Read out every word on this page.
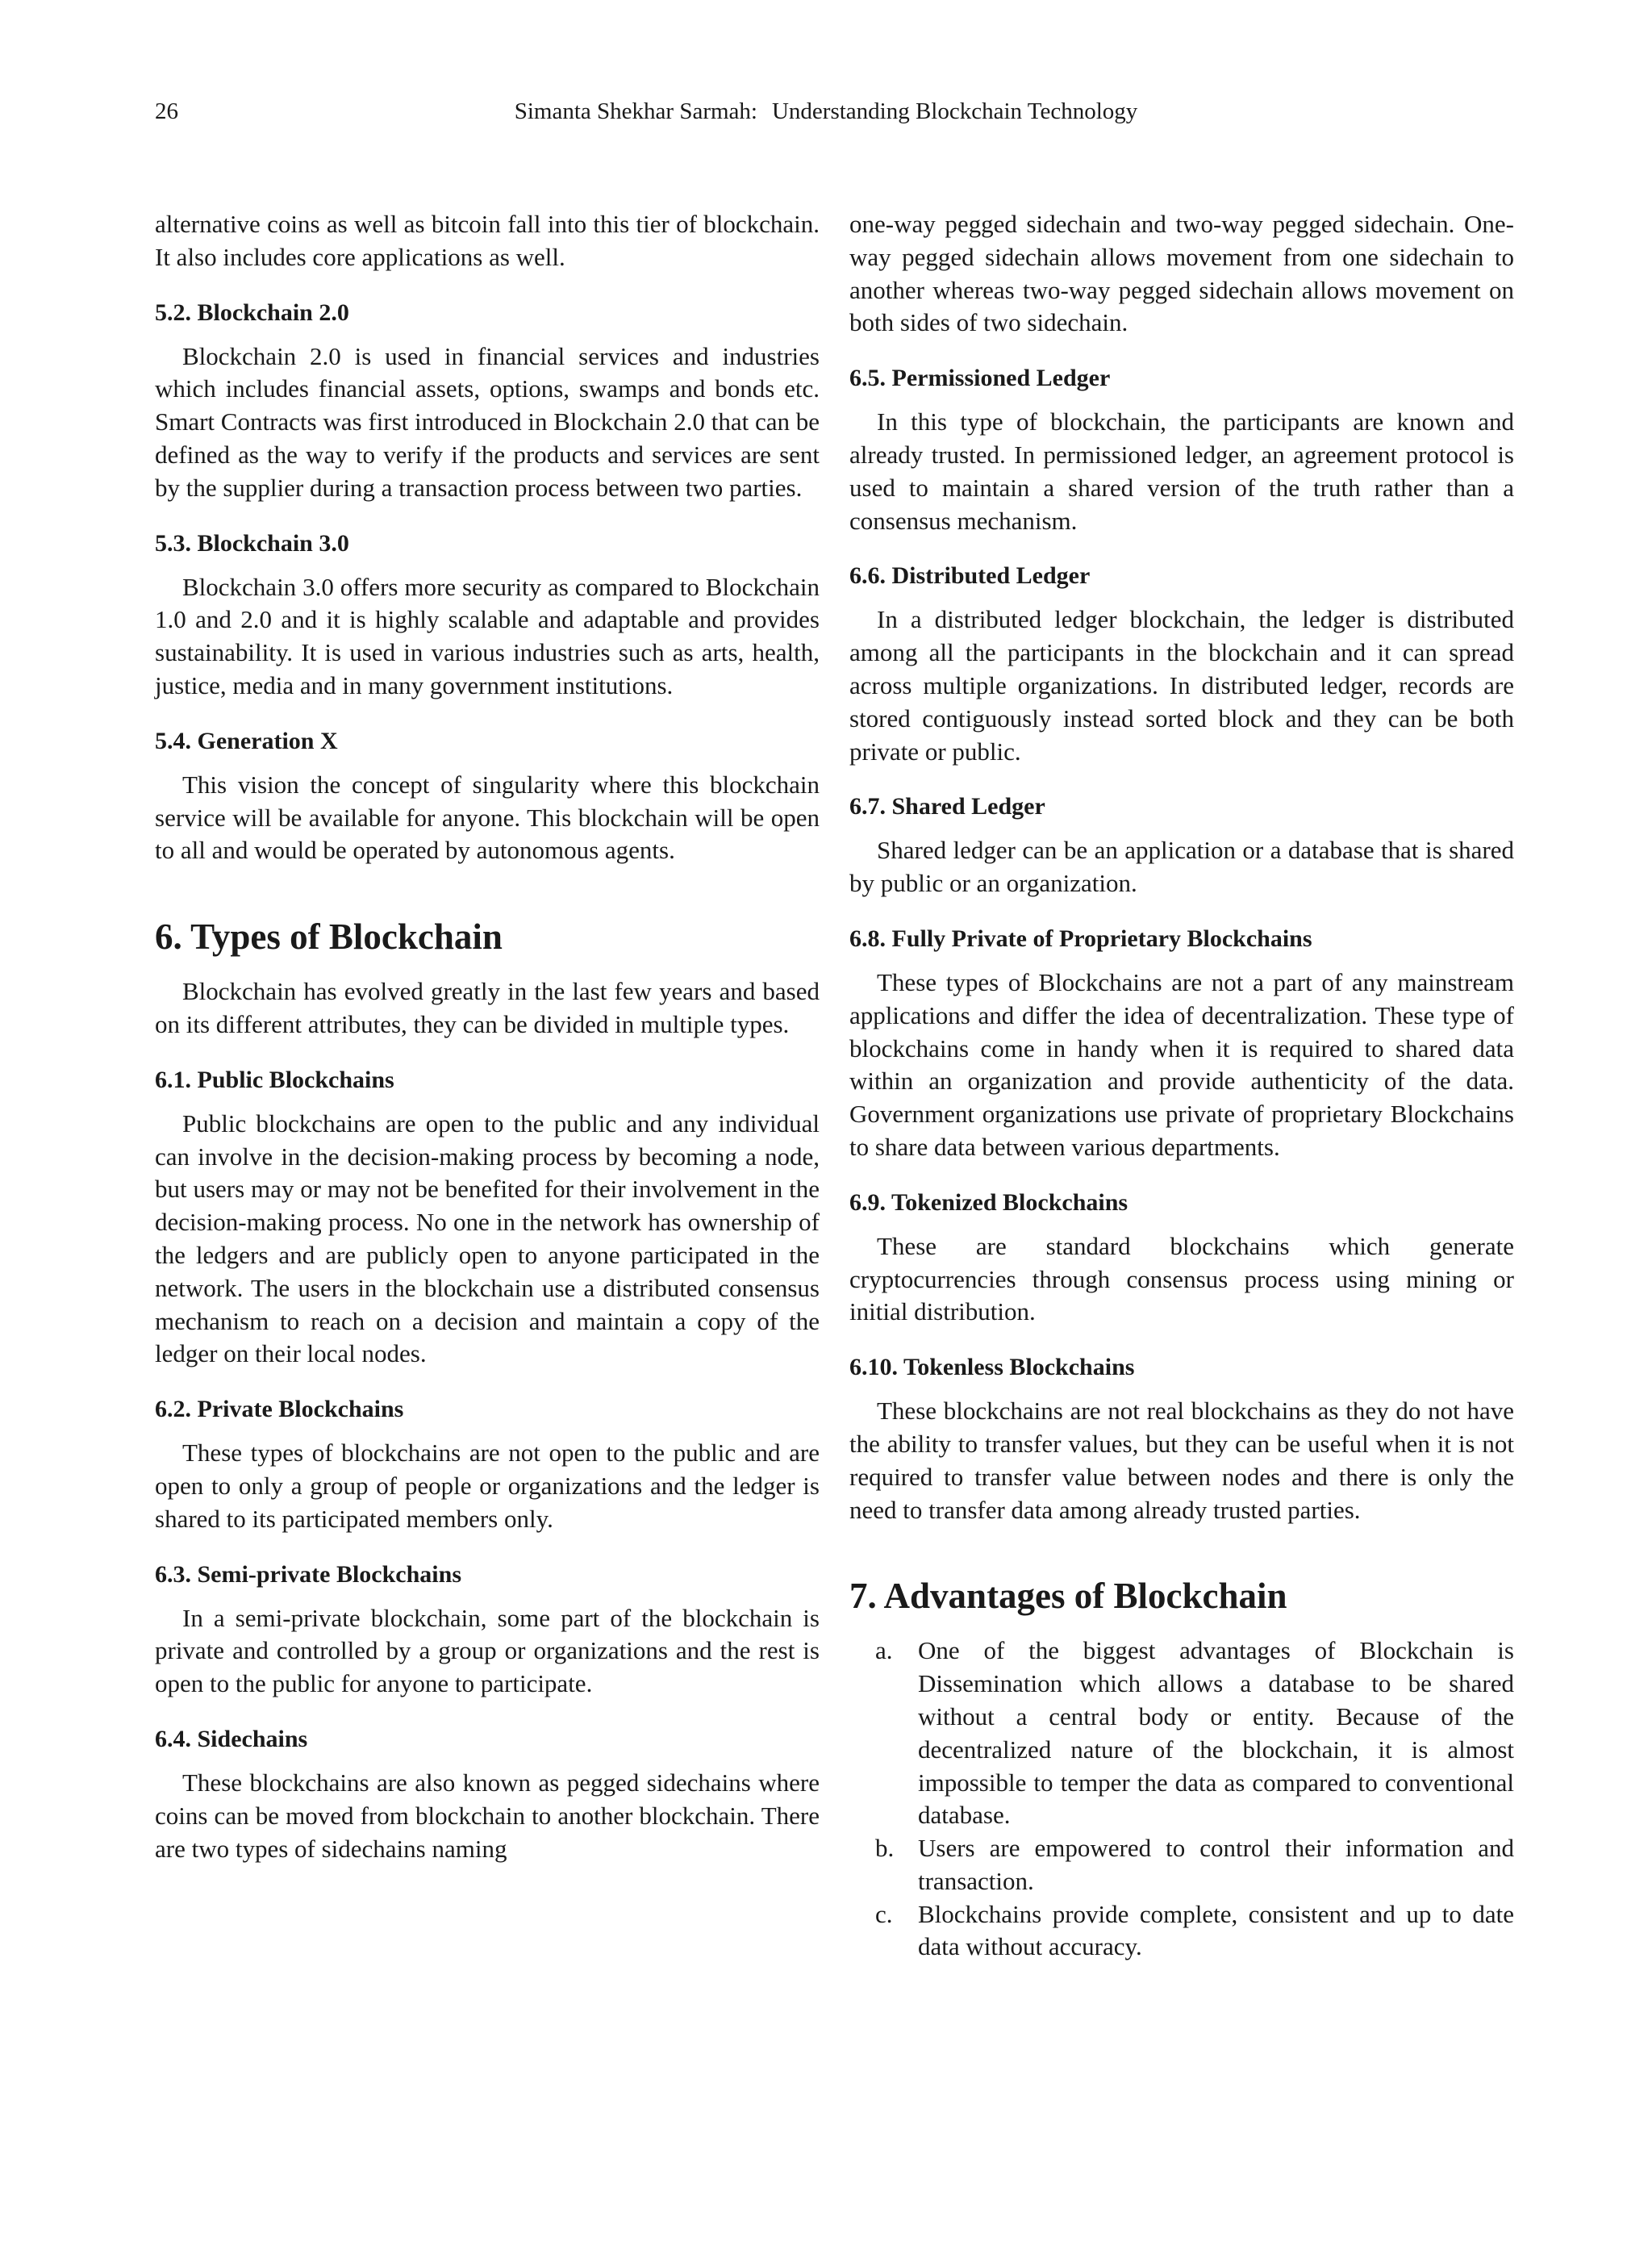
26	Simanta Shekhar Sarmah: Understanding Blockchain Technology

alternative coins as well as bitcoin fall into this tier of blockchain. It also includes core applications as well.

5.2. Blockchain 2.0

Blockchain 2.0 is used in financial services and industries which includes financial assets, options, swamps and bonds etc. Smart Contracts was first introduced in Blockchain 2.0 that can be defined as the way to verify if the products and services are sent by the supplier during a transaction process between two parties.

5.3. Blockchain 3.0

Blockchain 3.0 offers more security as compared to Blockchain 1.0 and 2.0 and it is highly scalable and adaptable and provides sustainability. It is used in various industries such as arts, health, justice, media and in many government institutions.

5.4. Generation X

This vision the concept of singularity where this blockchain service will be available for anyone. This blockchain will be open to all and would be operated by autonomous agents.

6. Types of Blockchain

Blockchain has evolved greatly in the last few years and based on its different attributes, they can be divided in multiple types.

6.1. Public Blockchains

Public blockchains are open to the public and any individual can involve in the decision-making process by becoming a node, but users may or may not be benefited for their involvement in the decision-making process. No one in the network has ownership of the ledgers and are publicly open to anyone participated in the network. The users in the blockchain use a distributed consensus mechanism to reach on a decision and maintain a copy of the ledger on their local nodes.

6.2. Private Blockchains

These types of blockchains are not open to the public and are open to only a group of people or organizations and the ledger is shared to its participated members only.

6.3. Semi-private Blockchains

In a semi-private blockchain, some part of the blockchain is private and controlled by a group or organizations and the rest is open to the public for anyone to participate.

6.4. Sidechains

These blockchains are also known as pegged sidechains where coins can be moved from blockchain to another blockchain. There are two types of sidechains naming

one-way pegged sidechain and two-way pegged sidechain. One-way pegged sidechain allows movement from one sidechain to another whereas two-way pegged sidechain allows movement on both sides of two sidechain.

6.5. Permissioned Ledger

In this type of blockchain, the participants are known and already trusted. In permissioned ledger, an agreement protocol is used to maintain a shared version of the truth rather than a consensus mechanism.

6.6. Distributed Ledger

In a distributed ledger blockchain, the ledger is distributed among all the participants in the blockchain and it can spread across multiple organizations. In distributed ledger, records are stored contiguously instead sorted block and they can be both private or public.

6.7. Shared Ledger

Shared ledger can be an application or a database that is shared by public or an organization.

6.8. Fully Private of Proprietary Blockchains

These types of Blockchains are not a part of any mainstream applications and differ the idea of decentralization. These type of blockchains come in handy when it is required to shared data within an organization and provide authenticity of the data. Government organizations use private of proprietary Blockchains to share data between various departments.

6.9. Tokenized Blockchains

These are standard blockchains which generate cryptocurrencies through consensus process using mining or initial distribution.

6.10. Tokenless Blockchains

These blockchains are not real blockchains as they do not have the ability to transfer values, but they can be useful when it is not required to transfer value between nodes and there is only the need to transfer data among already trusted parties.

7. Advantages of Blockchain
a. One of the biggest advantages of Blockchain is Dissemination which allows a database to be shared without a central body or entity. Because of the decentralized nature of the blockchain, it is almost impossible to temper the data as compared to conventional database.
b. Users are empowered to control their information and transaction.
c. Blockchains provide complete, consistent and up to date data without accuracy.
